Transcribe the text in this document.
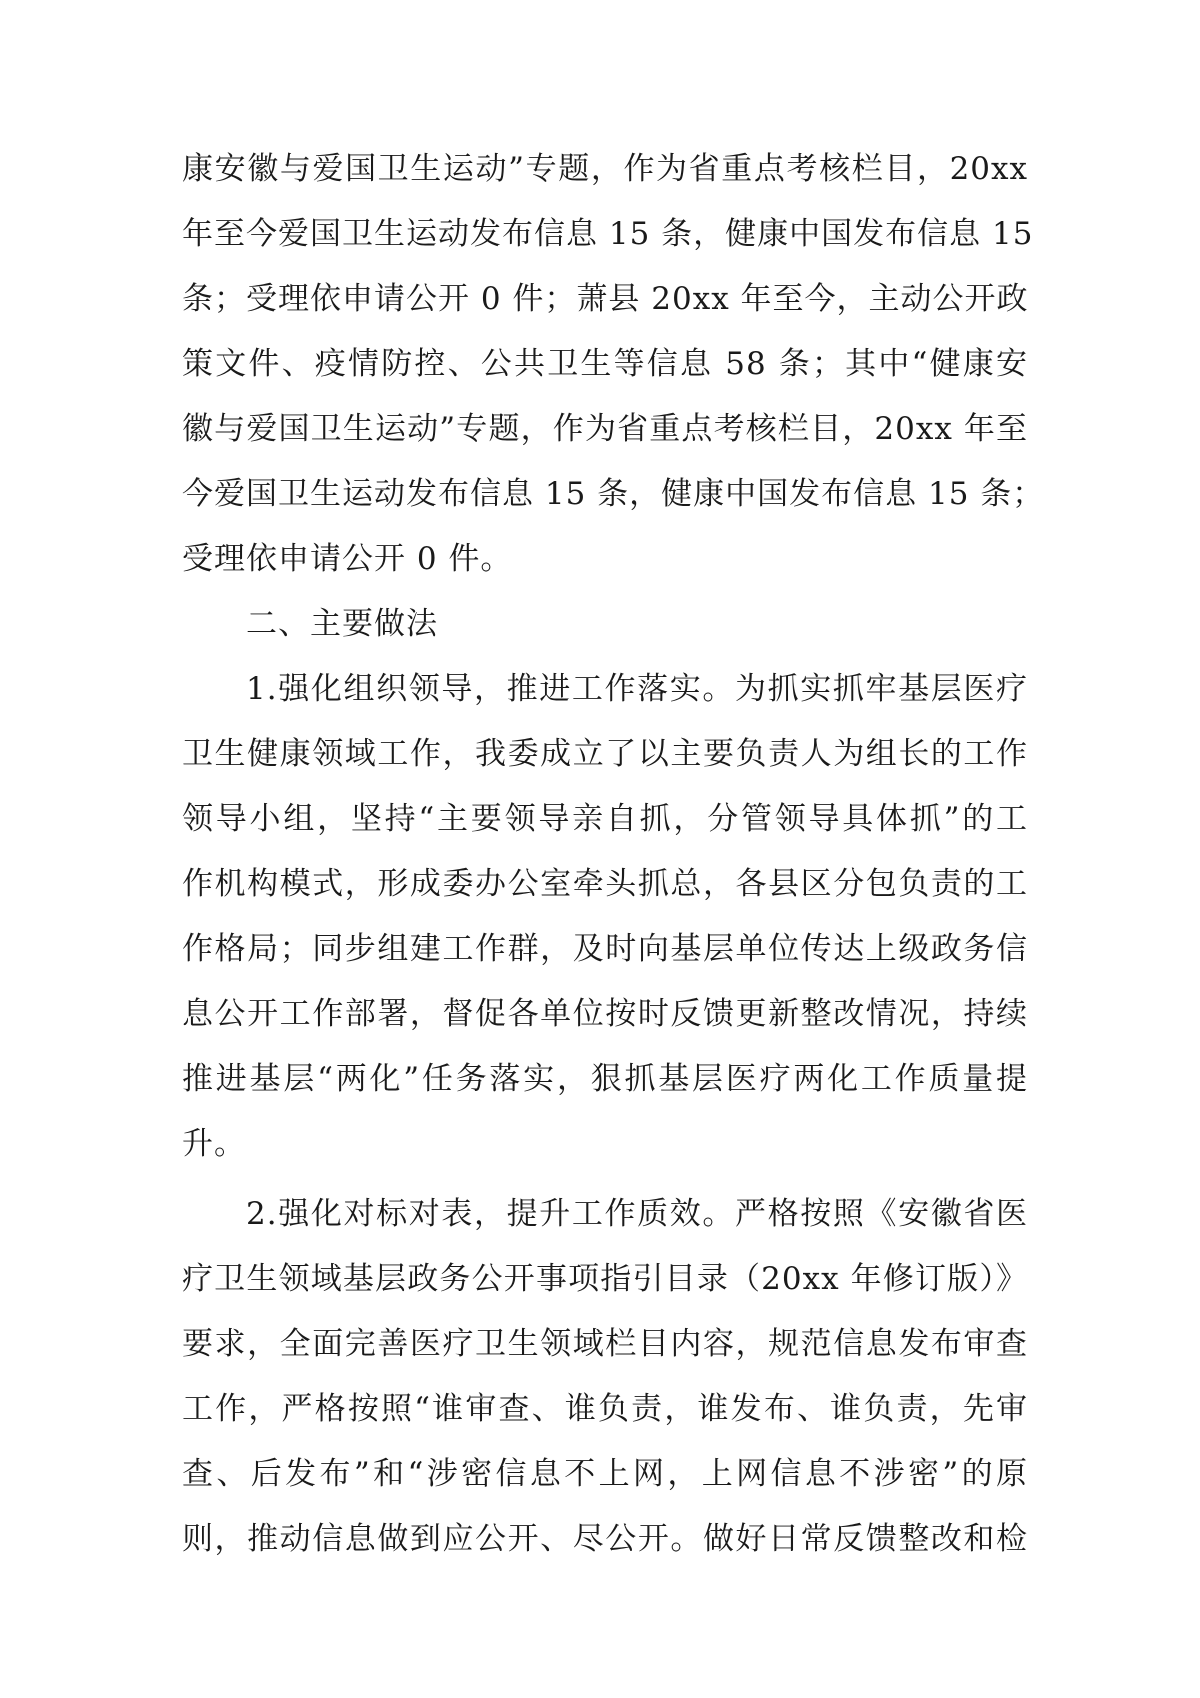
康安徽与爱国卫生运动”专题，作为省重点考核栏目，20xx
年至今爱国卫生运动发布信息 15 条，健康中国发布信息 15
条；受理依申请公开 0 件；萧县 20xx 年至今，主动公开政
策文件、疫情防控、公共卫生等信息 58 条；其中“健康安
徽与爱国卫生运动”专题，作为省重点考核栏目，20xx 年至
今爱国卫生运动发布信息 15 条，健康中国发布信息 15 条；
受理依申请公开 0 件。
二、主要做法
1.强化组织领导，推进工作落实。为抓实抓牢基层医疗
卫生健康领域工作，我委成立了以主要负责人为组长的工作
领导小组，坚持“主要领导亲自抓，分管领导具体抓”的工
作机构模式，形成委办公室牵头抓总，各县区分包负责的工
作格局；同步组建工作群，及时向基层单位传达上级政务信
息公开工作部署，督促各单位按时反馈更新整改情况，持续
推进基层“两化”任务落实，狠抓基层医疗两化工作质量提
升。
2.强化对标对表，提升工作质效。严格按照《安徽省医
疗卫生领域基层政务公开事项指引目录（20xx 年修订版）》
要求，全面完善医疗卫生领域栏目内容，规范信息发布审查
工作，严格按照“谁审查、谁负责，谁发布、谁负责，先审
查、后发布”和“涉密信息不上网，上网信息不涉密”的原
则，推动信息做到应公开、尽公开。做好日常反馈整改和检
